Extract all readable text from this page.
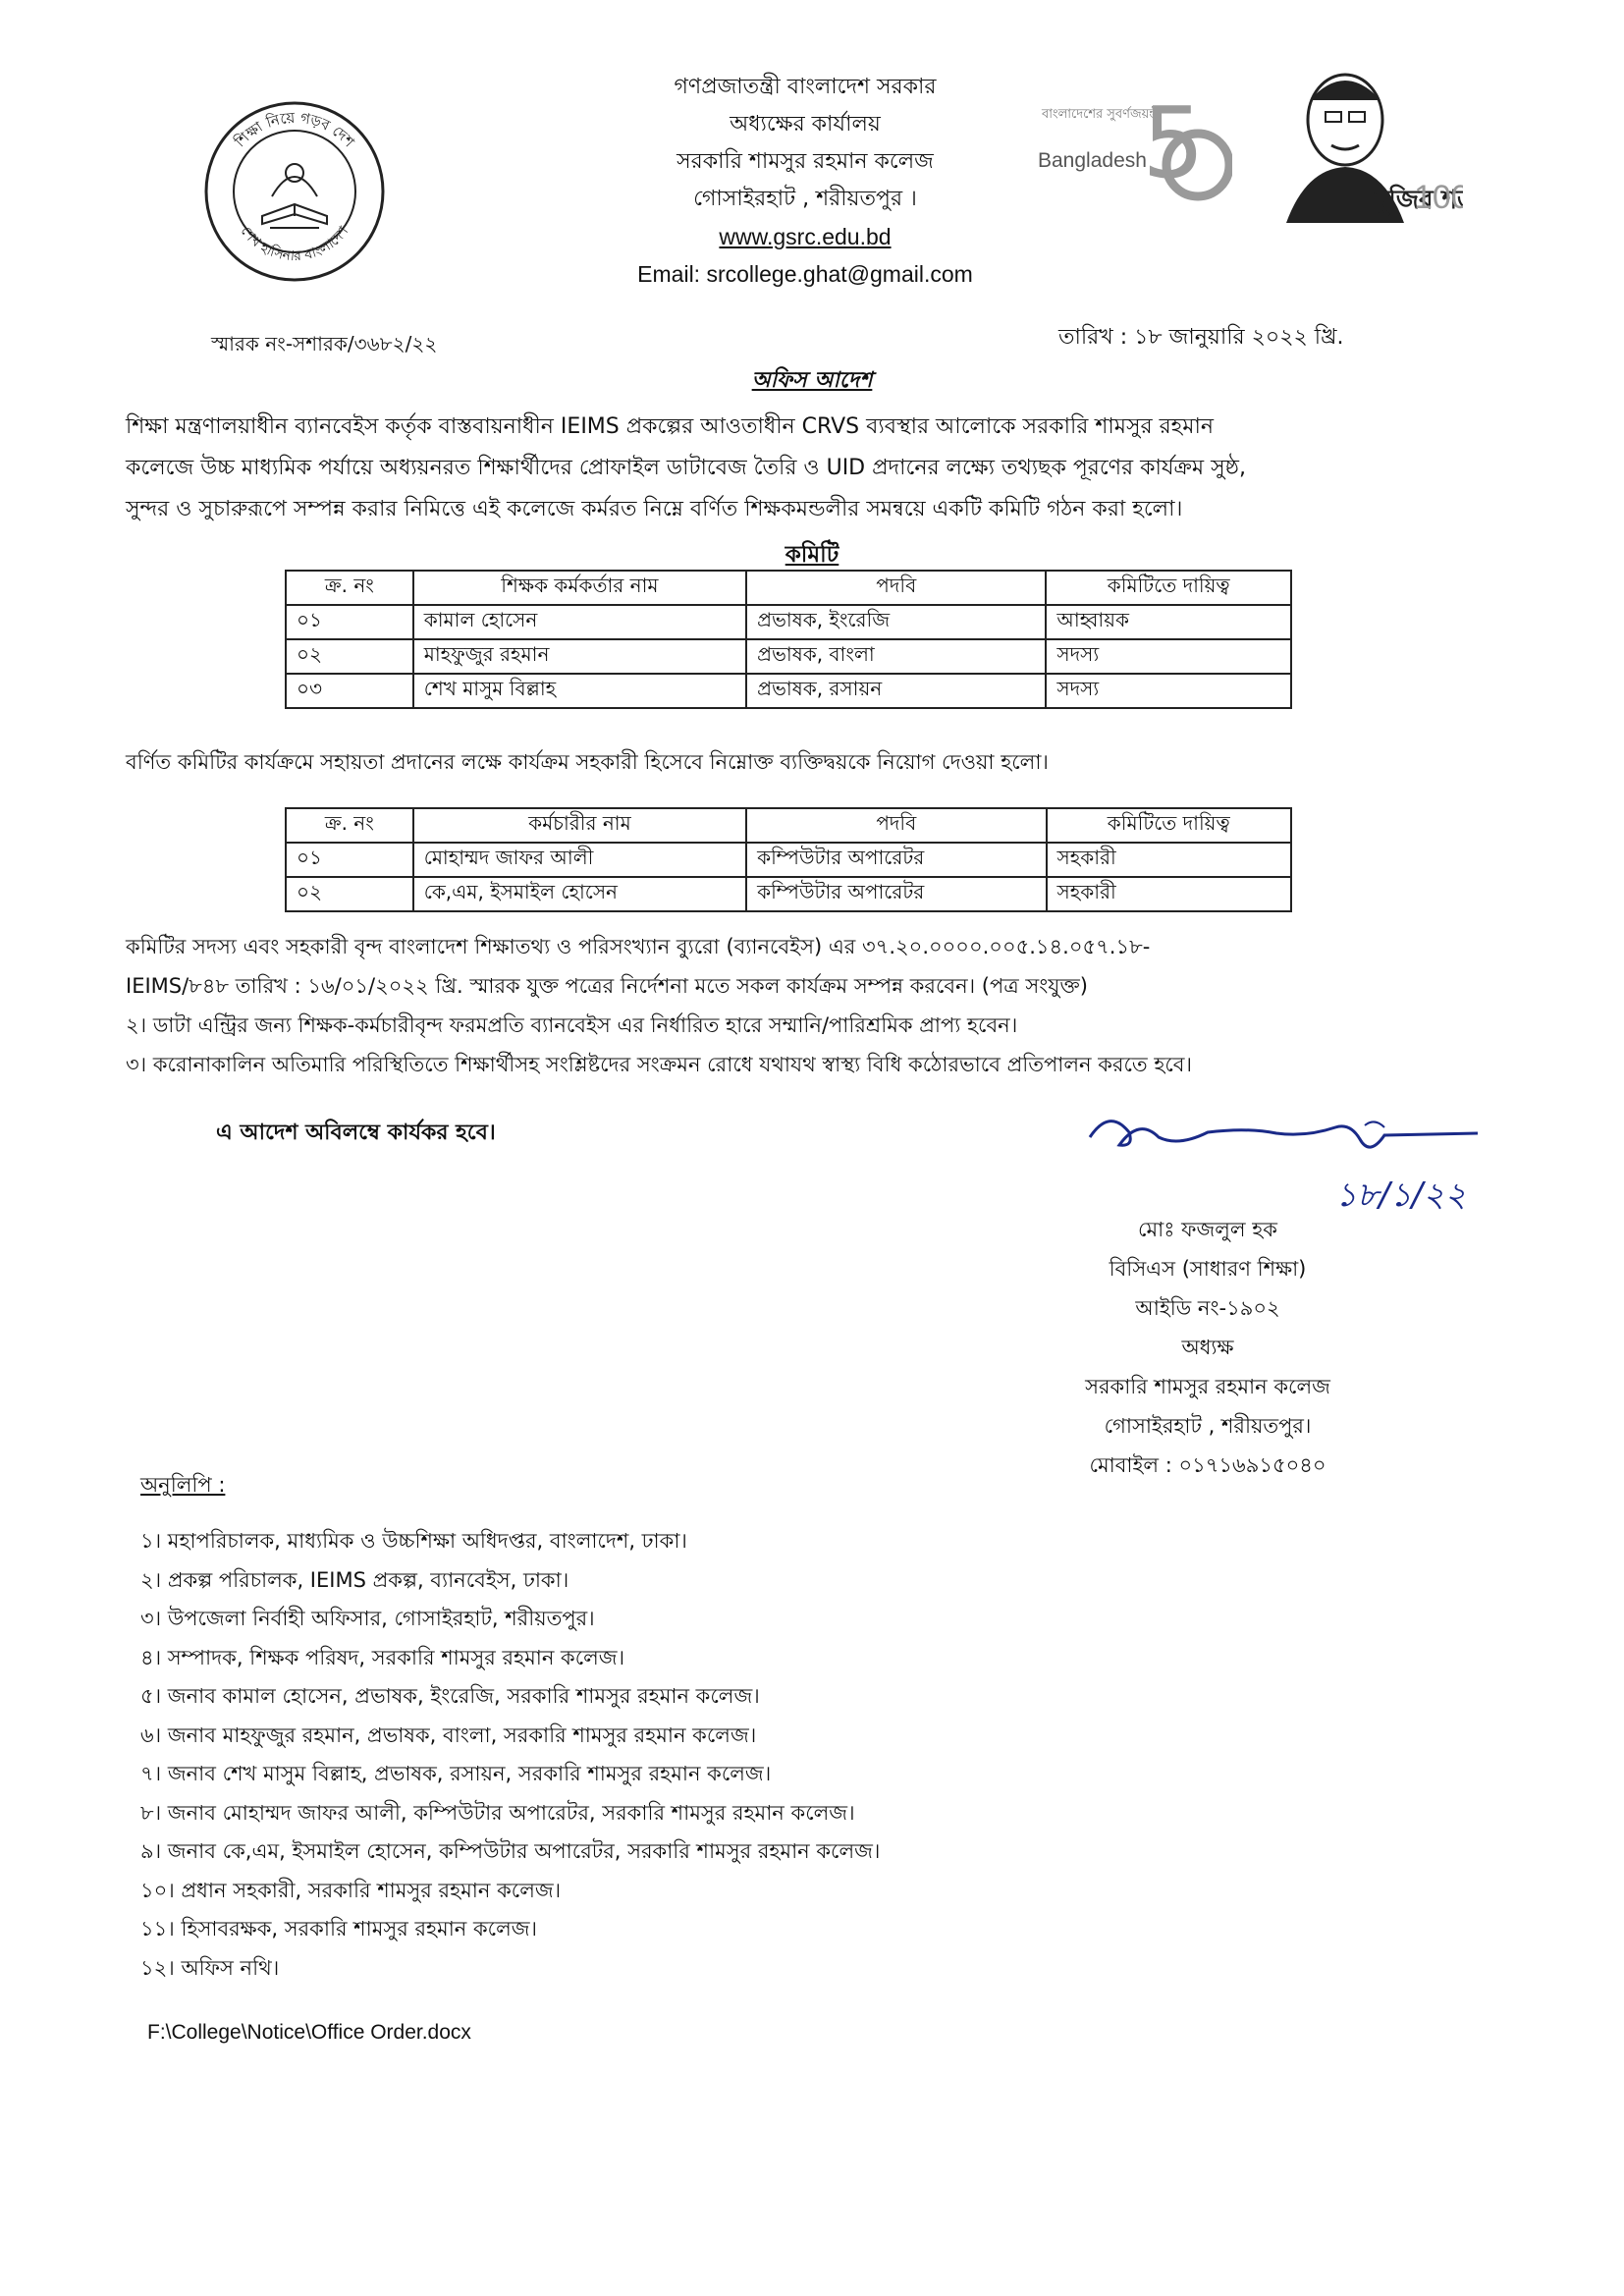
শিক্ষা নিয়ে গড়ব দেশ
শেখ হাসিনার বাংলাদেশ
গণপ্রজাতন্ত্রী বাংলাদেশ সরকার
অধ্যক্ষের কার্যালয়
সরকারি শামসুর রহমান কলেজ
গোসাইরহাট , শরীয়তপুর ।
www.gsrc.edu.bd
Email: srcollege.ghat@gmail.com
বাংলাদেশের সুবর্ণজয়ন্তী
5
Bangladesh
মুজিব শ
100
স্মারক নং-সশারক/৩৬৮২/২২	তারিখ : ১৮ জানুয়ারি ২০২২ খ্রি.
অফিস আদেশ
শিক্ষা মন্ত্রণালয়াধীন ব্যানবেইস কর্তৃক বাস্তবায়নাধীন IEIMS প্রকল্পের আওতাধীন CRVS ব্যবস্থার আলোকে সরকারি শামসুর রহমান
কলেজে উচ্চ মাধ্যমিক পর্যায়ে অধ্যয়নরত শিক্ষার্থীদের প্রোফাইল ডাটাবেজ তৈরি ও UID প্রদানের লক্ষ্যে তথ্যছক পূরণের কার্যক্রম সুষ্ঠ,
সুন্দর ও সুচারুরূপে সম্পন্ন করার নিমিত্তে এই কলেজে কর্মরত নিম্নে বর্ণিত শিক্ষকমন্ডলীর সমন্বয়ে একটি কমিটি গঠন করা হলো।
কমিটি
ক্র. নং	শিক্ষক কর্মকর্তার নাম	পদবি	কমিটিতে দায়িত্ব
০১	কামাল হোসেন	প্রভাষক, ইংরেজি	আহ্বায়ক
০২	মাহফুজুর রহমান	প্রভাষক, বাংলা	সদস্য
০৩	শেখ মাসুম বিল্লাহ	প্রভাষক, রসায়ন	সদস্য
বর্ণিত কমিটির কার্যক্রমে সহায়তা প্রদানের লক্ষে কার্যক্রম সহকারী হিসেবে নিম্নোক্ত ব্যক্তিদ্বয়কে নিয়োগ দেওয়া হলো।
ক্র. নং	কর্মচারীর নাম	পদবি	কমিটিতে দায়িত্ব
০১	মোহাম্মদ জাফর আলী	কম্পিউটার অপারেটর	সহকারী
০২	কে,এম, ইসমাইল হোসেন	কম্পিউটার অপারেটর	সহকারী
কমিটির সদস্য এবং সহকারী বৃন্দ বাংলাদেশ শিক্ষাতথ্য ও পরিসংখ্যান ব্যুরো (ব্যানবেইস) এর ৩৭.২০.০০০০.০০৫.১৪.০৫৭.১৮-
IEIMS/৮৪৮ তারিখ : ১৬/০১/২০২২ খ্রি. স্মারক যুক্ত পত্রের নির্দেশনা মতে সকল কার্যক্রম সম্পন্ন করবেন। (পত্র সংযুক্ত)
২। ডাটা এন্ট্রির জন্য শিক্ষক-কর্মচারীবৃন্দ ফরমপ্রতি ব্যানবেইস এর নির্ধারিত হারে সম্মানি/পারিশ্রমিক প্রাপ্য হবেন।
৩। করোনাকালিন অতিমারি পরিস্থিতিতে শিক্ষার্থীসহ সংশ্লিষ্টদের সংক্রমন রোধে যথাযথ স্বাস্থ্য বিধি কঠোরভাবে প্রতিপালন করতে হবে।
এ আদেশ অবিলম্বে কার্যকর হবে।
১৮/১/২২
মোঃ ফজলুল হক
বিসিএস (সাধারণ শিক্ষা)
আইডি নং-১৯০২
অধ্যক্ষ
সরকারি শামসুর রহমান কলেজ
গোসাইরহাট , শরীয়তপুর।
মোবাইল : ০১৭১৬৯১৫০৪০
অনুলিপি :
১। মহাপরিচালক, মাধ্যমিক ও উচ্চশিক্ষা অধিদপ্তর, বাংলাদেশ, ঢাকা।
২। প্রকল্প পরিচালক, IEIMS প্রকল্প, ব্যানবেইস, ঢাকা।
৩। উপজেলা নির্বাহী অফিসার, গোসাইরহাট, শরীয়তপুর।
৪। সম্পাদক, শিক্ষক পরিষদ, সরকারি শামসুর রহমান কলেজ।
৫। জনাব কামাল হোসেন, প্রভাষক, ইংরেজি, সরকারি শামসুর রহমান কলেজ।
৬। জনাব মাহফুজুর রহমান, প্রভাষক, বাংলা, সরকারি শামসুর রহমান কলেজ।
৭। জনাব শেখ মাসুম বিল্লাহ, প্রভাষক, রসায়ন, সরকারি শামসুর রহমান কলেজ।
৮। জনাব মোহাম্মদ জাফর আলী, কম্পিউটার অপারেটর, সরকারি শামসুর রহমান কলেজ।
৯। জনাব কে,এম, ইসমাইল হোসেন, কম্পিউটার অপারেটর, সরকারি শামসুর রহমান কলেজ।
১০। প্রধান সহকারী, সরকারি শামসুর রহমান কলেজ।
১১। হিসাবরক্ষক, সরকারি শামসুর রহমান কলেজ।
১২। অফিস নথি।
F:\College\Notice\Office Order.docx
